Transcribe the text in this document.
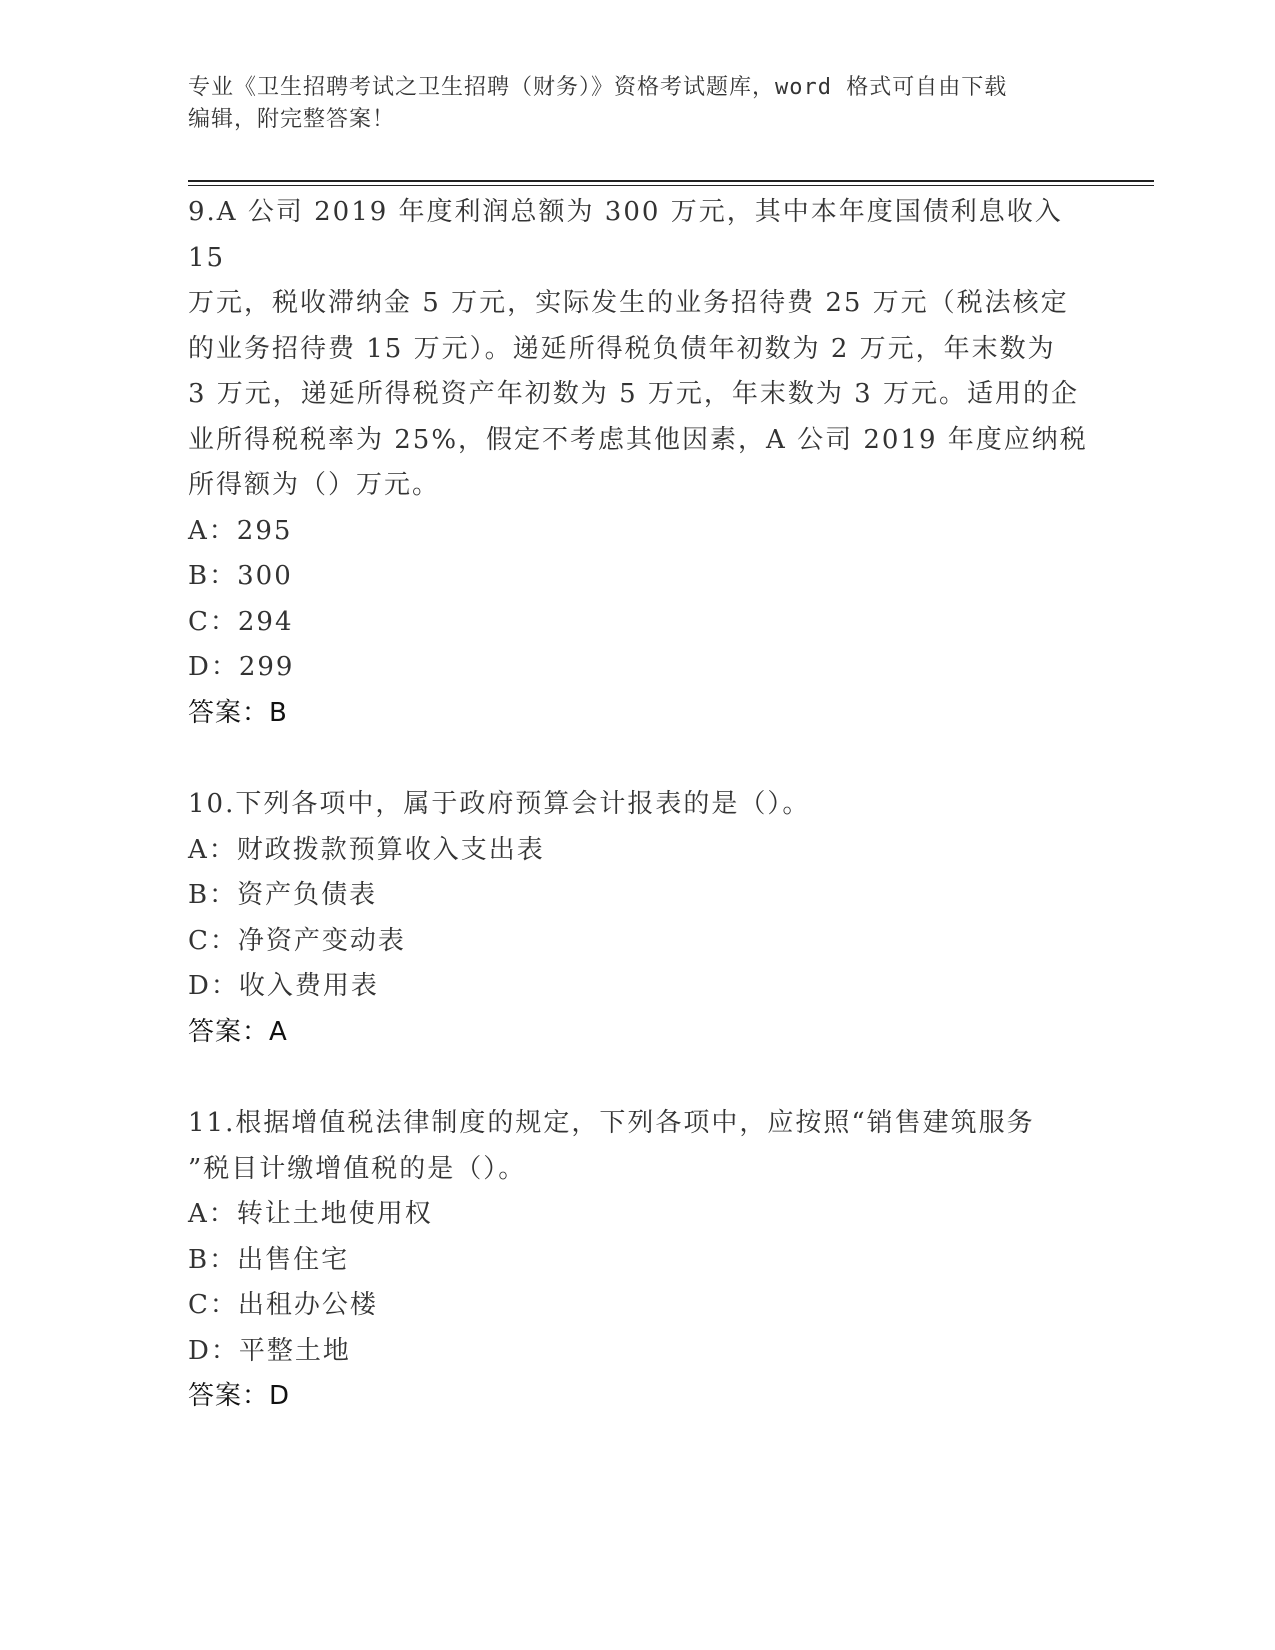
专业《卫生招聘考试之卫生招聘（财务）》资格考试题库，word 格式可自由下载
编辑，附完整答案！

9.A 公司 2019 年度利润总额为 300 万元，其中本年度国债利息收入 15

万元，税收滞纳金 5 万元，实际发生的业务招待费 25 万元（税法核定

的业务招待费 15 万元）。递延所得税负债年初数为 2 万元，年末数为

3 万元，递延所得税资产年初数为 5 万元，年末数为 3 万元。适用的企

业所得税税率为 25%，假定不考虑其他因素，A 公司 2019 年度应纳税

所得额为（）万元。

A：295

B：300

C：294

D：299

答案：B

10.下列各项中，属于政府预算会计报表的是（）。

A：财政拨款预算收入支出表

B：资产负债表

C：净资产变动表

D：收入费用表

答案：A

11.根据增值税法律制度的规定，下列各项中，应按照“销售建筑服务

”税目计缴增值税的是（）。

A：转让土地使用权

B：出售住宅

C：出租办公楼

D：平整土地

答案：D
